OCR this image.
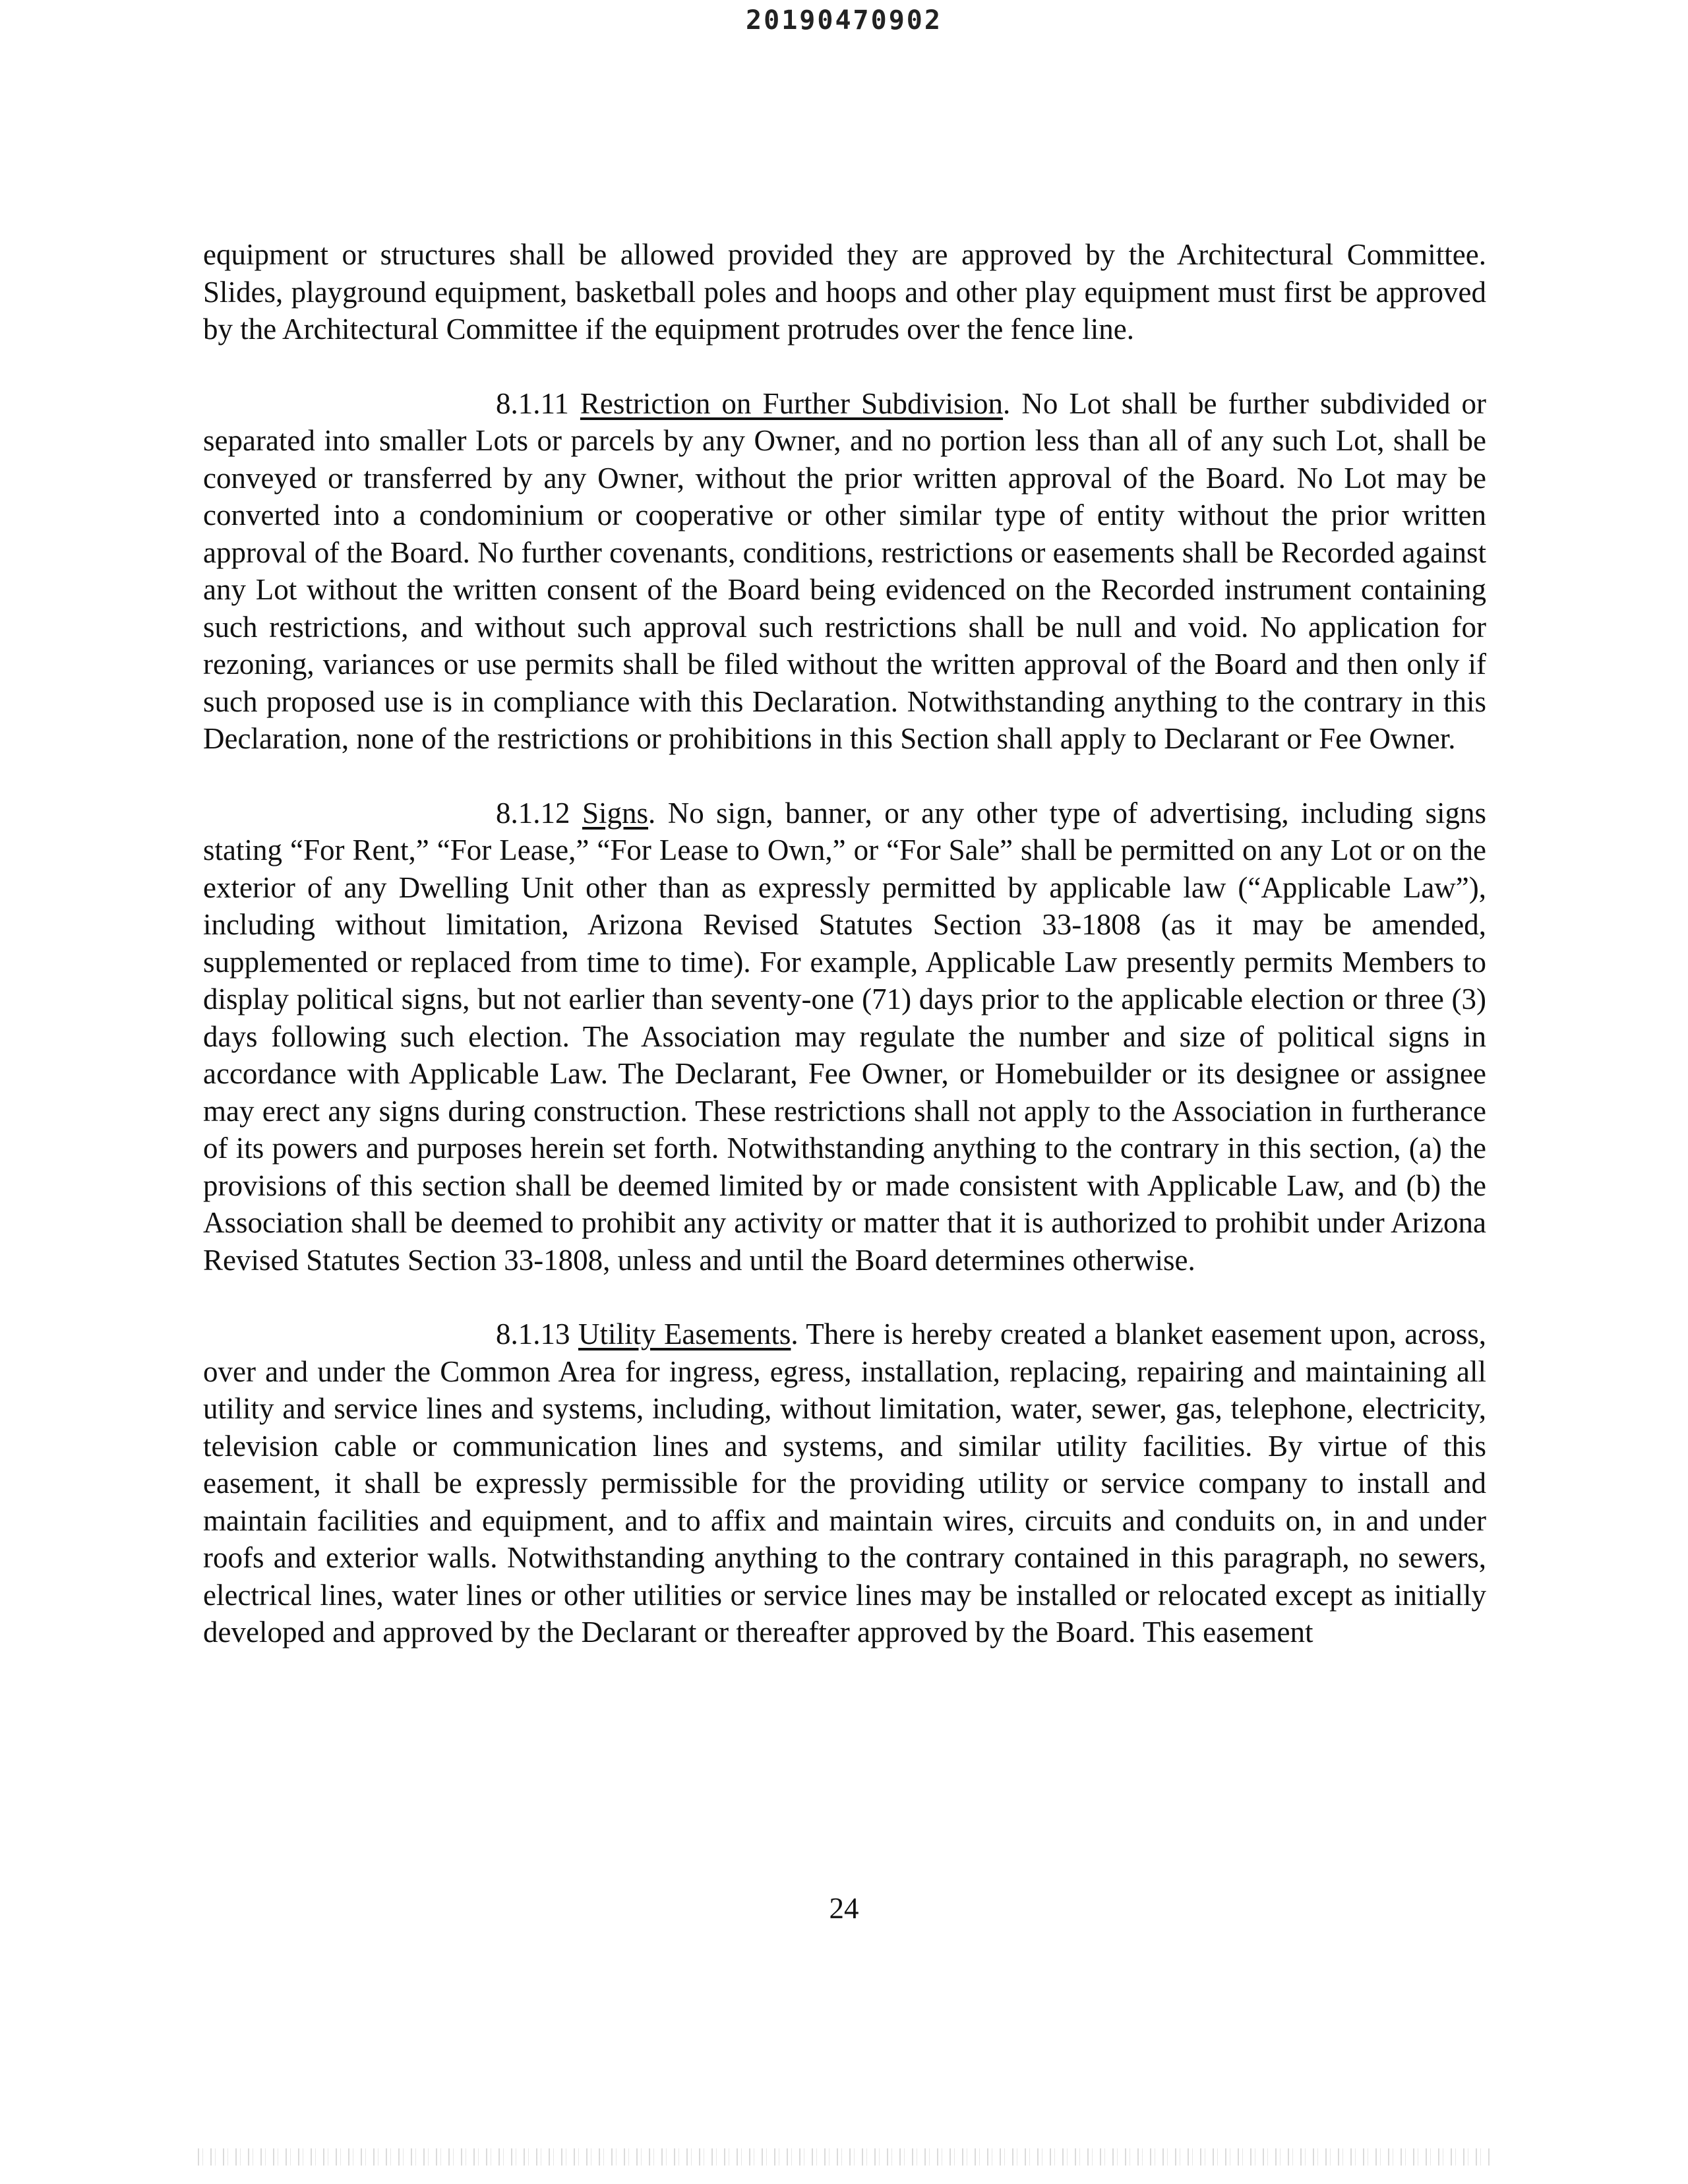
20190470902

equipment or structures shall be allowed provided they are approved by the Architectural Committee. Slides, playground equipment, basketball poles and hoops and other play equipment must first be approved by the Architectural Committee if the equipment protrudes over the fence line.

8.1.11 Restriction on Further Subdivision. No Lot shall be further subdivided or separated into smaller Lots or parcels by any Owner, and no portion less than all of any such Lot, shall be conveyed or transferred by any Owner, without the prior written approval of the Board. No Lot may be converted into a condominium or cooperative or other similar type of entity without the prior written approval of the Board. No further covenants, conditions, restrictions or easements shall be Recorded against any Lot without the written consent of the Board being evidenced on the Recorded instrument containing such restrictions, and without such approval such restrictions shall be null and void. No application for rezoning, variances or use permits shall be filed without the written approval of the Board and then only if such proposed use is in compliance with this Declaration. Notwithstanding anything to the contrary in this Declaration, none of the restrictions or prohibitions in this Section shall apply to Declarant or Fee Owner.

8.1.12 Signs. No sign, banner, or any other type of advertising, including signs stating “For Rent,” “For Lease,” “For Lease to Own,” or “For Sale” shall be permitted on any Lot or on the exterior of any Dwelling Unit other than as expressly permitted by applicable law (“Applicable Law”), including without limitation, Arizona Revised Statutes Section 33-1808 (as it may be amended, supplemented or replaced from time to time). For example, Applicable Law presently permits Members to display political signs, but not earlier than seventy-one (71) days prior to the applicable election or three (3) days following such election. The Association may regulate the number and size of political signs in accordance with Applicable Law. The Declarant, Fee Owner, or Homebuilder or its designee or assignee may erect any signs during construction. These restrictions shall not apply to the Association in furtherance of its powers and purposes herein set forth. Notwithstanding anything to the contrary in this section, (a) the provisions of this section shall be deemed limited by or made consistent with Applicable Law, and (b) the Association shall be deemed to prohibit any activity or matter that it is authorized to prohibit under Arizona Revised Statutes Section 33-1808, unless and until the Board determines otherwise.

8.1.13 Utility Easements. There is hereby created a blanket easement upon, across, over and under the Common Area for ingress, egress, installation, replacing, repairing and maintaining all utility and service lines and systems, including, without limitation, water, sewer, gas, telephone, electricity, television cable or communication lines and systems, and similar utility facilities. By virtue of this easement, it shall be expressly permissible for the providing utility or service company to install and maintain facilities and equipment, and to affix and maintain wires, circuits and conduits on, in and under roofs and exterior walls. Notwithstanding anything to the contrary contained in this paragraph, no sewers, electrical lines, water lines or other utilities or service lines may be installed or relocated except as initially developed and approved by the Declarant or thereafter approved by the Board. This easement

24
